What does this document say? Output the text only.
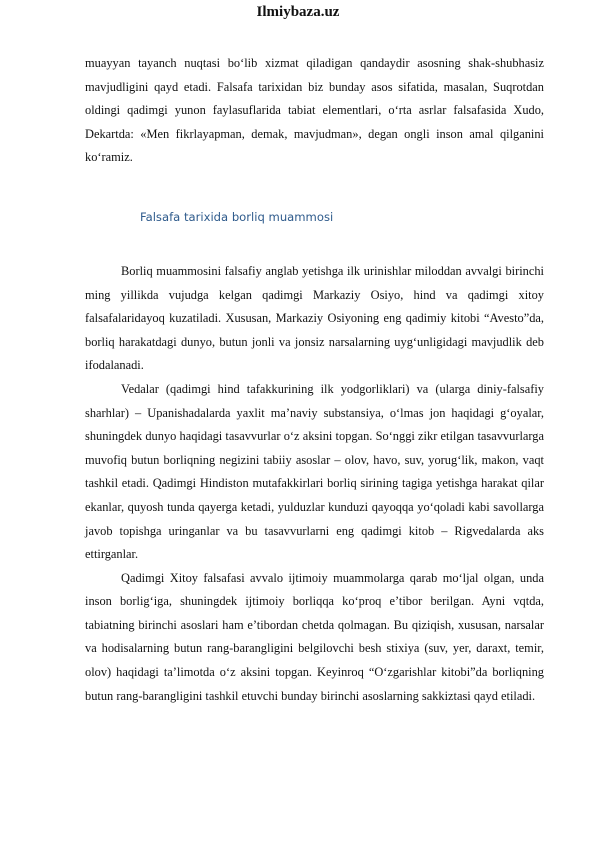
Ilmiybaza.uz

muayyan tayanch nuqtasi bo‘lib xizmat qiladigan qandaydir asosning shak-shubhasiz mavjudligini qayd etadi. Falsafa tarixidan biz bunday asos sifatida, masalan, Suqrotdan oldingi qadimgi yunon faylasuflarida tabiat elementlari, o‘rta asrlar falsafasida Xudo, Dekartda: «Men fikrlayapman, demak, mavjudman», degan ongli inson amal qilganini ko‘ramiz.

Falsafa tarixida borliq muammosi

Borliq muammosini falsafiy anglab yetishga ilk urinishlar miloddan avvalgi birinchi ming yillikda vujudga kelgan qadimgi Markaziy Osiyo, hind va qadimgi xitoy falsafalaridayoq kuzatiladi. Xususan, Markaziy Osiyoning eng qadimiy kitobi “Avesto”da, borliq harakatdagi dunyo, butun jonli va jonsiz narsalarning uyg‘unligidagi mavjudlik deb ifodalanadi.

Vedalar (qadimgi hind tafakkurining ilk yodgorliklari) va (ularga diniy-falsafiy sharhlar) – Upanishadalarda yaxlit ma’naviy substansiya, o‘lmas jon haqidagi g‘oyalar, shuningdek dunyo haqidagi tasavvurlar o‘z aksini topgan. So‘nggi zikr etilgan tasavvurlarga muvofiq butun borliqning negizini tabiiy asoslar – olov, havo, suv, yorug‘lik, makon, vaqt tashkil etadi. Qadimgi Hindiston mutafakkirlari borliq sirining tagiga yetishga harakat qilar ekanlar, quyosh tunda qayerga ketadi, yulduzlar kunduzi qayoqqa yo‘qoladi kabi savollarga javob topishga uringanlar va bu tasavvurlarni eng qadimgi kitob – Rigvedalarda aks ettirganlar.

Qadimgi Xitoy falsafasi avvalo ijtimoiy muammolarga qarab mo‘ljal olgan, unda inson borlig‘iga, shuningdek ijtimoiy borliqqa ko‘proq e’tibor berilgan. Ayni vqtda, tabiatning birinchi asoslari ham e’tibordan chetda qolmagan. Bu qiziqish, xususan, narsalar va hodisalarning butun rang-barangligini belgilovchi besh stixiya (suv, yer, daraxt, temir, olov) haqidagi ta’limotda o‘z aksini topgan. Keyinroq “O‘zgarishlar kitobi”da borliqning butun rang-barangligini tashkil etuvchi bunday birinchi asoslarning sakkiztasi qayd etiladi.
